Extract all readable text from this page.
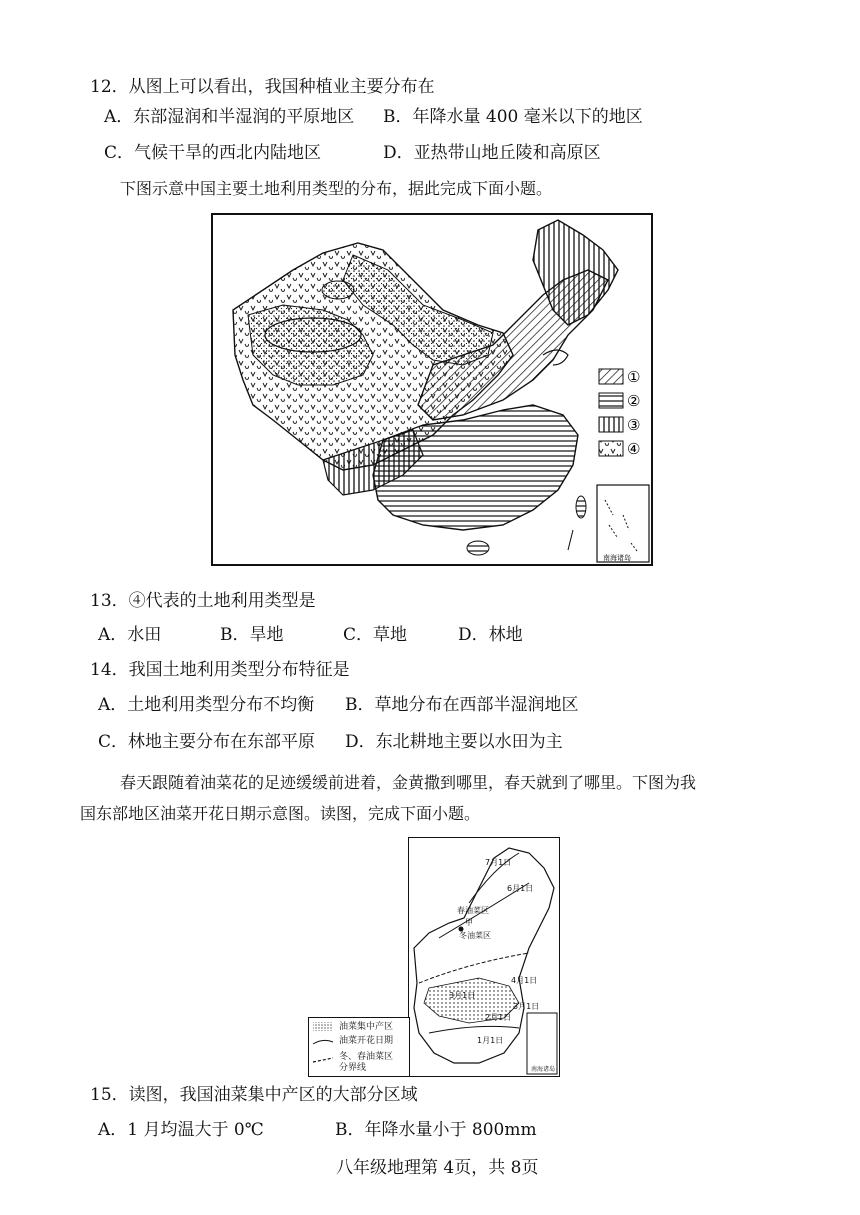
12．从图上可以看出，我国种植业主要分布在
A．东部湿润和半湿润的平原地区 B．年降水量 400 毫米以下的地区
C．气候干旱的西北内陆地区	D．亚热带山地丘陵和高原区
下图示意中国主要土地利用类型的分布，据此完成下面小题。
①
②
③
④
南海诸岛
13．④代表的土地利用类型是
A．水田	B．旱地	C．草地	D．林地
14．我国土地利用类型分布特征是
A．土地利用类型分布不均衡 B．草地分布在西部半湿润地区
C．林地主要分布在东部平原 D．东北耕地主要以水田为主
春天跟随着油菜花的足迹缓缓前进着，金黄撒到哪里，春天就到了哪里。下图为我
国东部地区油菜开花日期示意图。读图，完成下面小题。
7月1日
6月1日
春油菜区
甲
冬油菜区
4月1日
3月1日
3月1日
2月1日
1月1日
南海诸岛
油菜集中产区
油菜开花日期
冬、春油菜区
分界线
15．读图，我国油菜集中产区的大部分区域
A．1 月均温大于 0℃	B．年降水量小于 800mm
八年级地理第 4页，共 8页
